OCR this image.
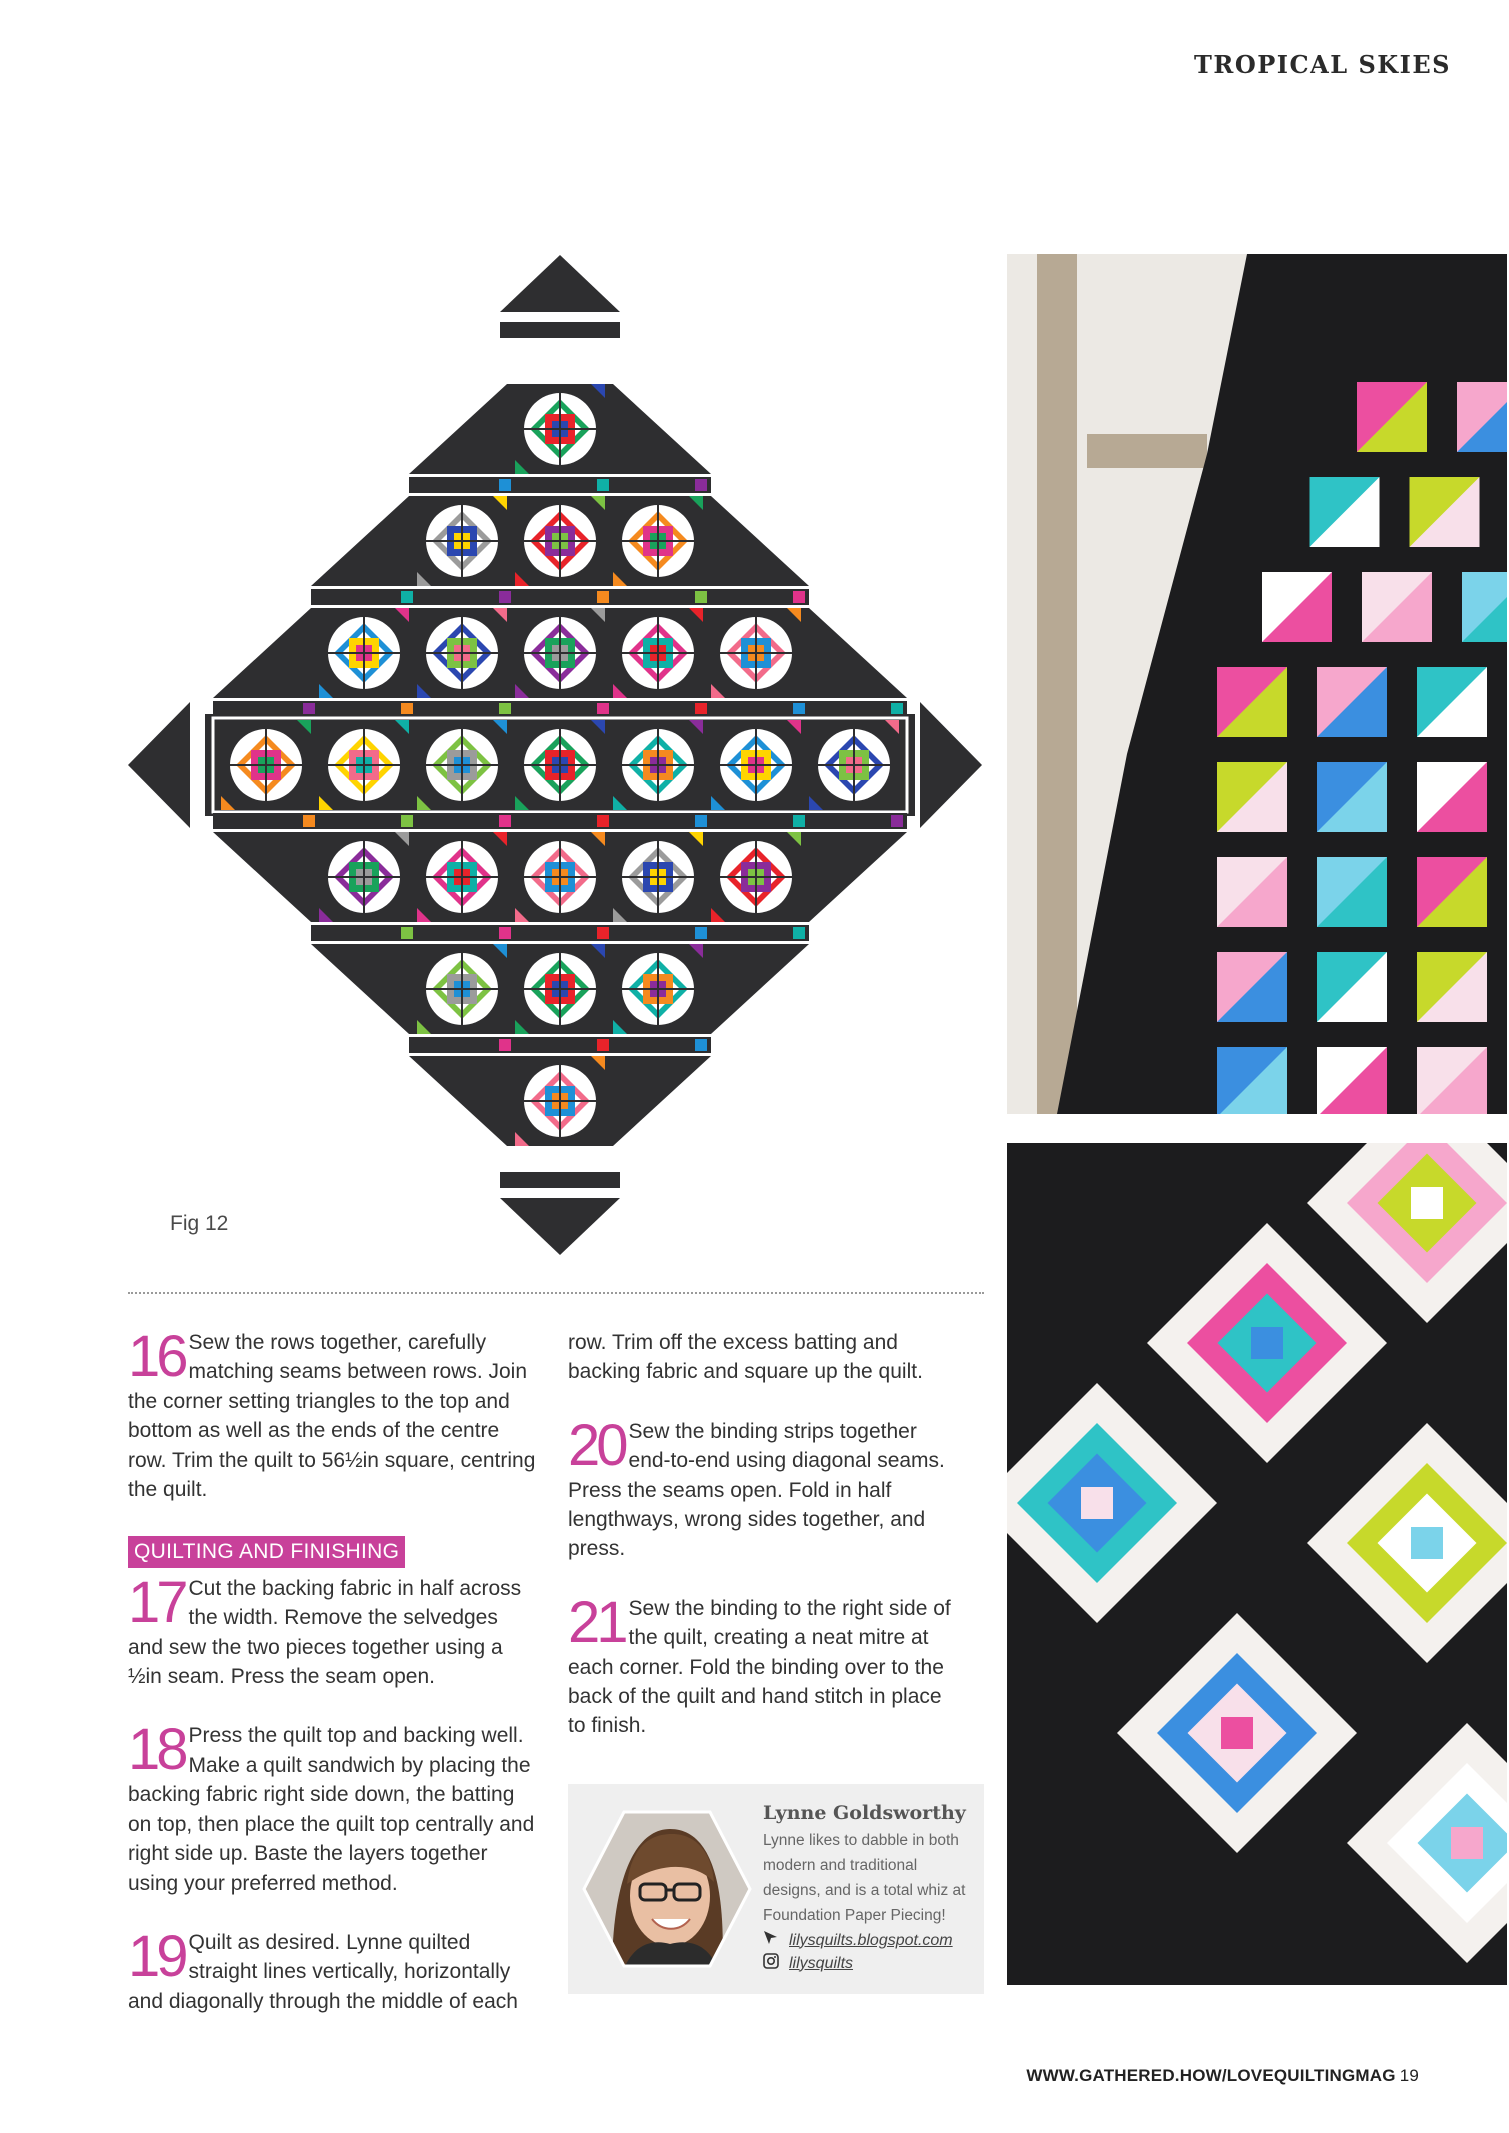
TROPICAL SKIES
Fig 12

16 Sew the rows together, carefully matching seams between rows. Join the corner setting triangles to the top and bottom as well as the ends of the centre row. Trim the quilt to 56½in square, centring the quilt.

QUILTING AND FINISHING

17 Cut the backing fabric in half across the width. Remove the selvedges and sew the two pieces together using a ½in seam. Press the seam open.

18 Press the quilt top and backing well. Make a quilt sandwich by placing the backing fabric right side down, the batting on top, then place the quilt top centrally and right side up. Baste the layers together using your preferred method.

19 Quilt as desired. Lynne quilted straight lines vertically, horizontally and diagonally through the middle of each

row. Trim off the excess batting and backing fabric and square up the quilt.

20 Sew the binding strips together end-to-end using diagonal seams. Press the seams open. Fold in half lengthways, wrong sides together, and press.

21 Sew the binding to the right side of the quilt, creating a neat mitre at each corner. Fold the binding over to the back of the quilt and hand stitch in place to finish.

Lynne Goldsworthy
Lynne likes to dabble in both modern and traditional designs, and is a total whiz at Foundation Paper Piecing!
lilysquilts.blogspot.com
lilysquilts
WWW.GATHERED.HOW/LOVEQUILTINGMAG 19
